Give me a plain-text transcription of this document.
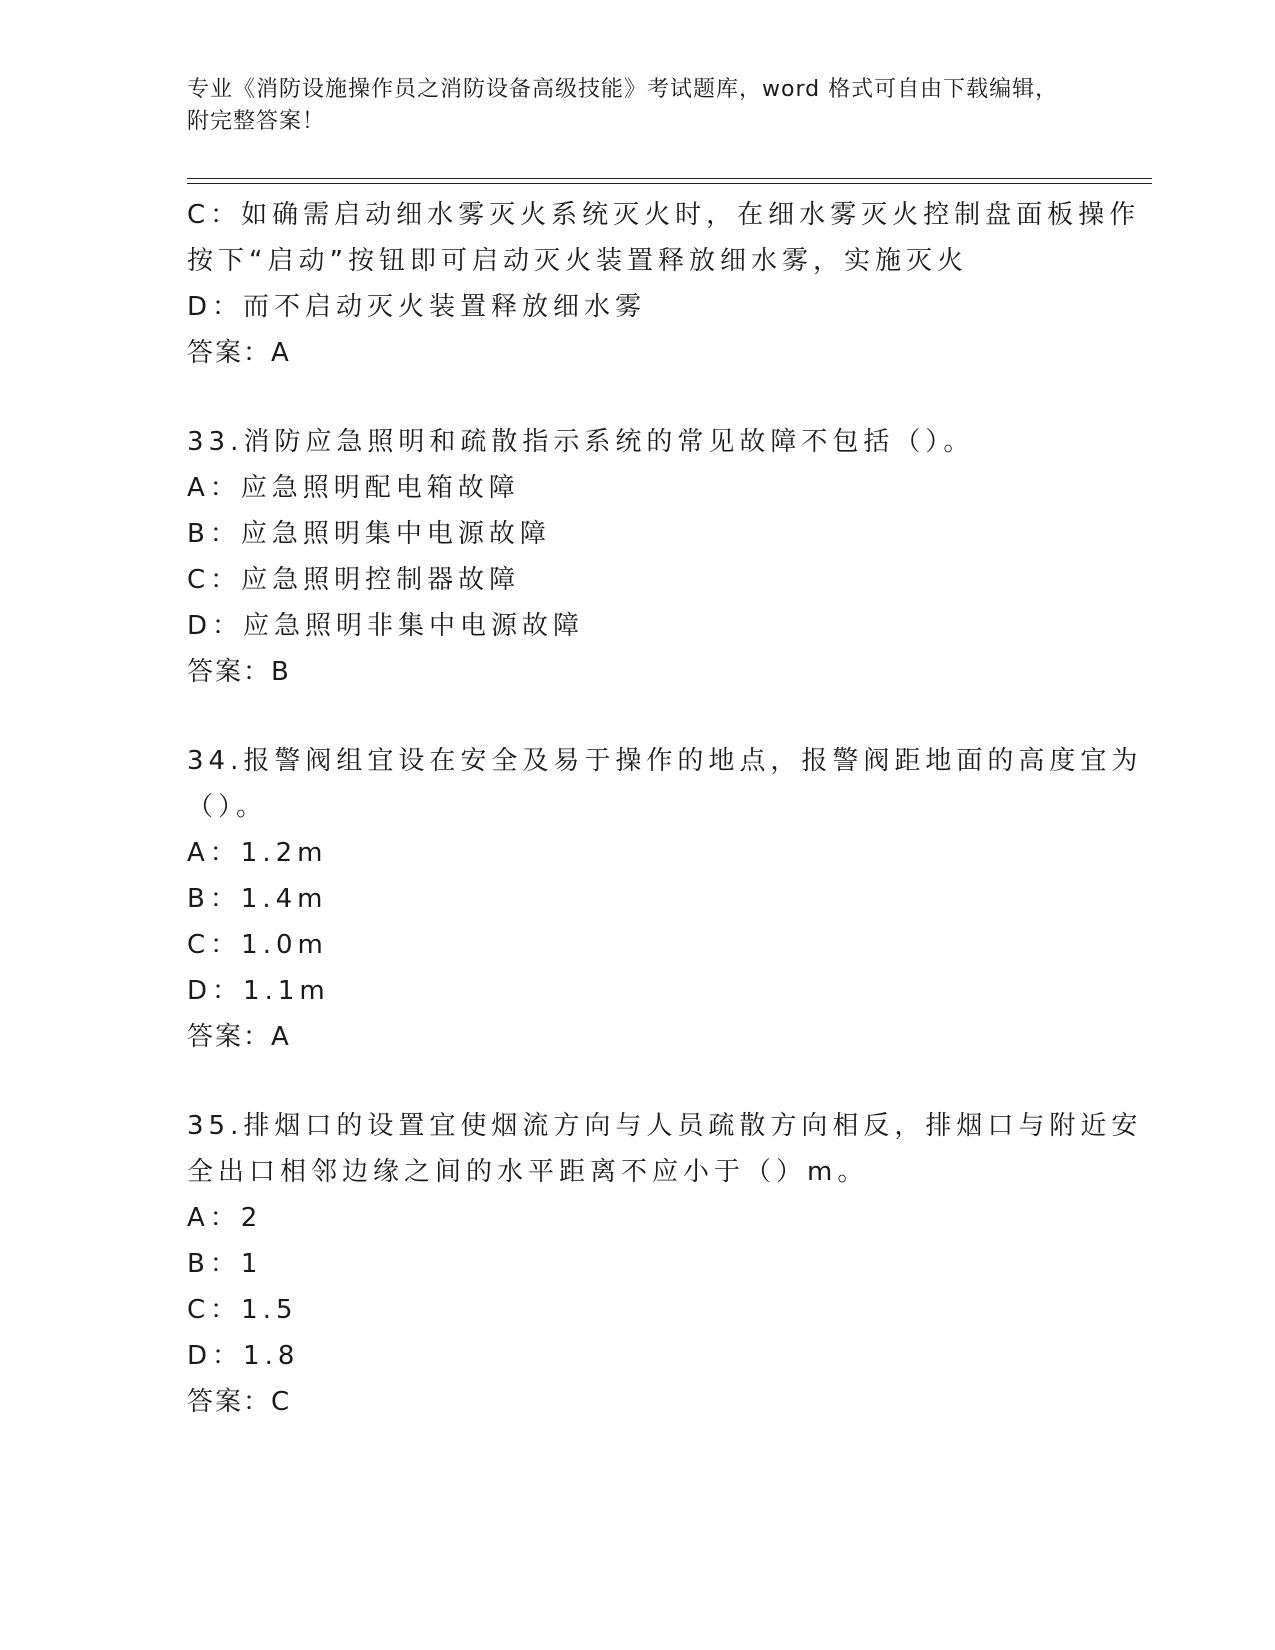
专业《消防设施操作员之消防设备高级技能》考试题库，word 格式可自由下载编辑，附完整答案！
C：如确需启动细水雾灭火系统灭火时，在细水雾灭火控制盘面板操作
按下“启动”按钮即可启动灭火装置释放细水雾，实施灭火
D：而不启动灭火装置释放细水雾
答案：A
33.消防应急照明和疏散指示系统的常见故障不包括（）。
A：应急照明配电箱故障
B：应急照明集中电源故障
C：应急照明控制器故障
D：应急照明非集中电源故障
答案：B
34.报警阀组宜设在安全及易于操作的地点，报警阀距地面的高度宜为
（）。
A：1.2m
B：1.4m
C：1.0m
D：1.1m
答案：A
35.排烟口的设置宜使烟流方向与人员疏散方向相反，排烟口与附近安
全出口相邻边缘之间的水平距离不应小于（）m。
A：2
B：1
C：1.5
D：1.8
答案：C
